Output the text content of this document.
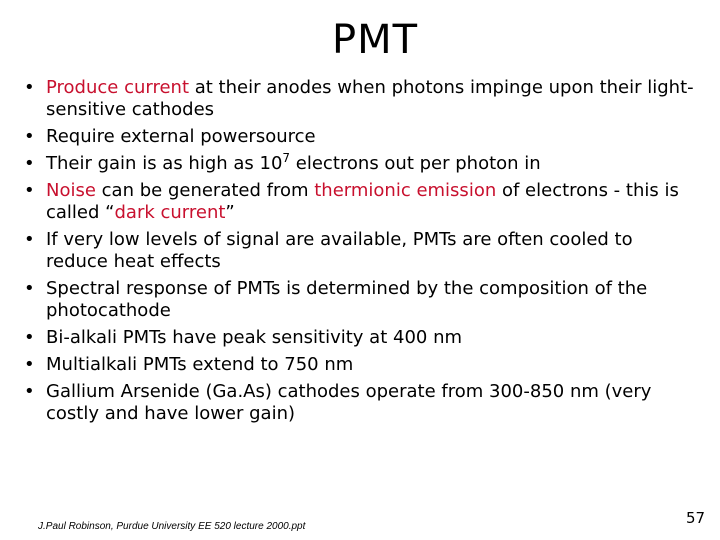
PMT
• Produce current at their anodes when photons impinge upon their light-sensitive cathodes
• Require external powersource
• Their gain is as high as $10^7$ electrons out per photon in
• Noise can be generated from thermionic emission of electrons - this is called “dark current”
• If very low levels of signal are available, PMTs are often cooled to reduce heat effects
• Spectral response of PMTs is determined by the composition of the photocathode
• Bi-alkali PMTs have peak sensitivity at 400 nm
• Multialkali PMTs extend to 750 nm
• Gallium Arsenide (Ga.As) cathodes operate from 300-850 nm (very costly and have lower gain)
J.Paul Robinson, Purdue University EE 520 lecture 2000.ppt	57
